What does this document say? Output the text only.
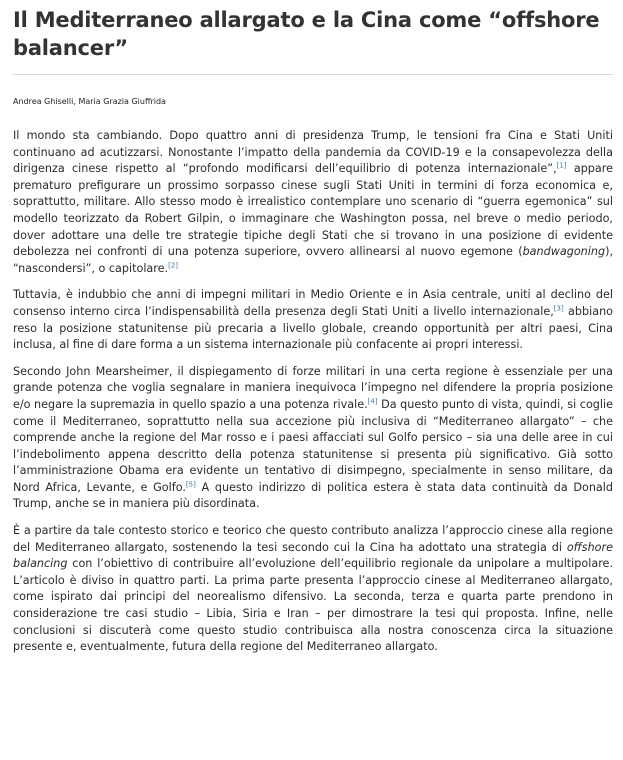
Il Mediterraneo allargato e la Cina come “offshore balancer”
Andrea Ghiselli, Maria Grazia Giuffrida

Il mondo sta cambiando. Dopo quattro anni di presidenza Trump, le tensioni fra Cina e Stati Uniti continuano ad acutizzarsi. Nonostante l’impatto della pandemia da COVID-19 e la consapevolezza della dirigenza cinese rispetto al “profondo modificarsi dell’equilibrio di potenza internazionale”,[1] appare prematuro prefigurare un prossimo sorpasso cinese sugli Stati Uniti in termini di forza economica e, soprattutto, militare. Allo stesso modo è irrealistico contemplare uno scenario di “guerra egemonica” sul modello teorizzato da Robert Gilpin, o immaginare che Washington possa, nel breve o medio periodo, dover adottare una delle tre strategie tipiche degli Stati che si trovano in una posizione di evidente debolezza nei confronti di una potenza superiore, ovvero allinearsi al nuovo egemone (bandwagoning), “nascondersi”, o capitolare.[2]

Tuttavia, è indubbio che anni di impegni militari in Medio Oriente e in Asia centrale, uniti al declino del consenso interno circa l’indispensabilità della presenza degli Stati Uniti a livello internazionale,[3] abbiano reso la posizione statunitense più precaria a livello globale, creando opportunità per altri paesi, Cina inclusa, al fine di dare forma a un sistema internazionale più confacente ai propri interessi.

Secondo John Mearsheimer, il dispiegamento di forze militari in una certa regione è essenziale per una grande potenza che voglia segnalare in maniera inequivoca l’impegno nel difendere la propria posizione e/o negare la supremazia in quello spazio a una potenza rivale.[4] Da questo punto di vista, quindi, si coglie come il Mediterraneo, soprattutto nella sua accezione più inclusiva di “Mediterraneo allargato” – che comprende anche la regione del Mar rosso e i paesi affacciati sul Golfo persico – sia una delle aree in cui l’indebolimento appena descritto della potenza statunitense si presenta più significativo. Già sotto l’amministrazione Obama era evidente un tentativo di disimpegno, specialmente in senso militare, da Nord Africa, Levante, e Golfo.[5] A questo indirizzo di politica estera è stata data continuità da Donald Trump, anche se in maniera più disordinata.

È a partire da tale contesto storico e teorico che questo contributo analizza l’approccio cinese alla regione del Mediterraneo allargato, sostenendo la tesi secondo cui la Cina ha adottato una strategia di offshore balancing con l’obiettivo di contribuire all’evoluzione dell’equilibrio regionale da unipolare a multipolare. L’articolo è diviso in quattro parti. La prima parte presenta l’approccio cinese al Mediterraneo allargato, come ispirato dai principi del neorealismo difensivo. La seconda, terza e quarta parte prendono in considerazione tre casi studio – Libia, Siria e Iran – per dimostrare la tesi qui proposta. Infine, nelle conclusioni si discuterà come questo studio contribuisca alla nostra conoscenza circa la situazione presente e, eventualmente, futura della regione del Mediterraneo allargato.
